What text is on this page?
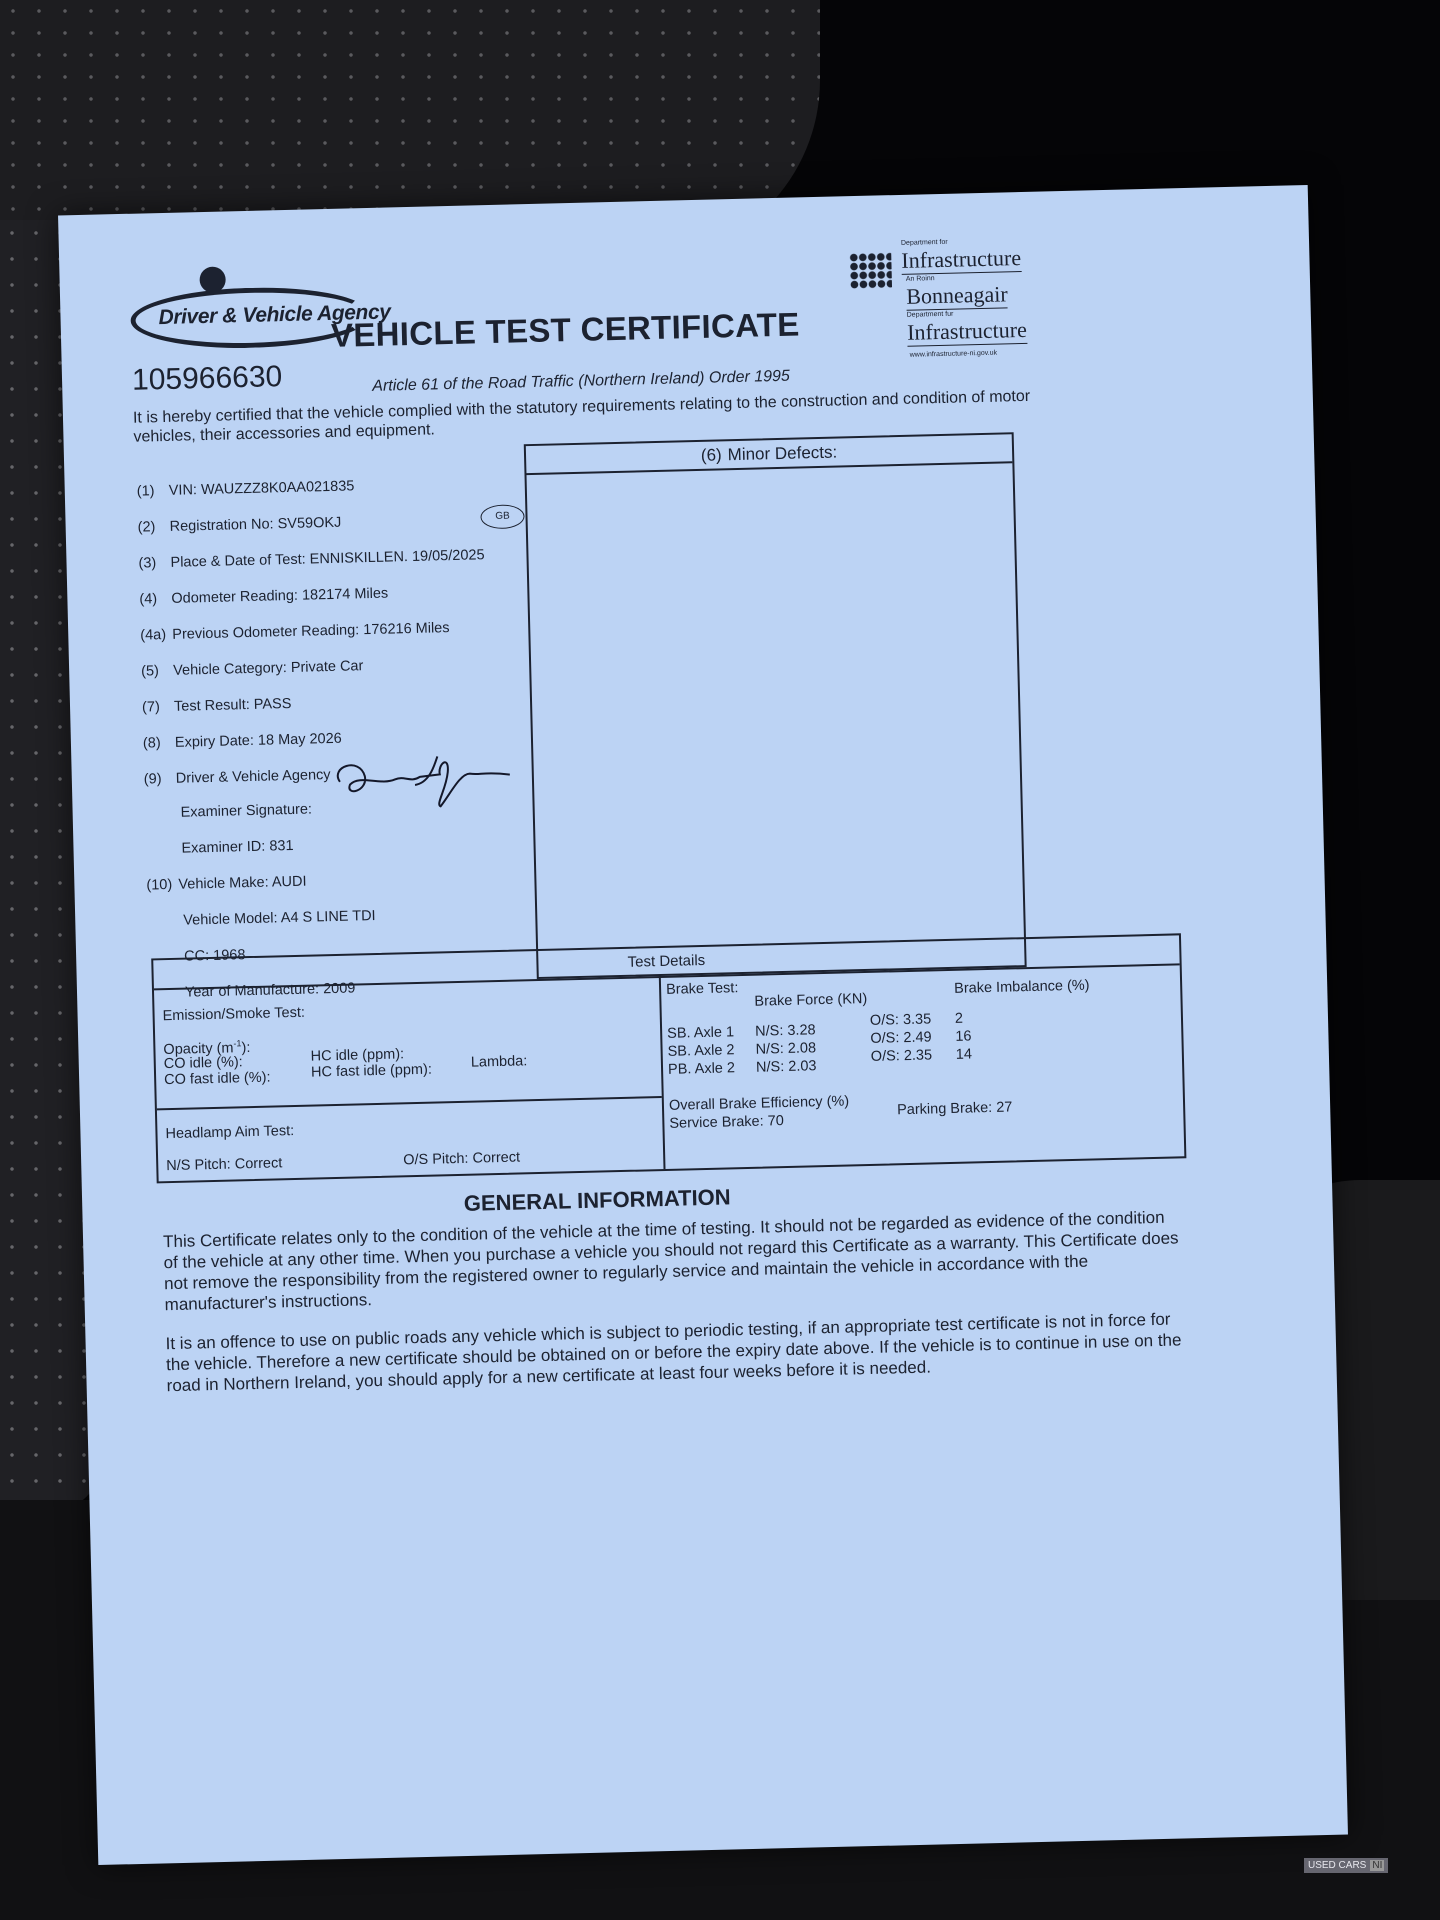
Driver & Vehicle Agency
105966630
VEHICLE TEST CERTIFICATE
Department for
Infrastructure
An Roinn
Bonneagair
Department fur
Infrastructure
www.infrastructure-ni.gov.uk
Article 61 of the Road Traffic (Northern Ireland) Order 1995
It is hereby certified that the vehicle complied with the statutory requirements relating to the construction and condition of motor vehicles, their accessories and equipment.
(1) VIN: WAUZZZ8K0AA021835
(2) Registration No: SV59OKJ
(3) Place & Date of Test: ENNISKILLEN. 19/05/2025
(4) Odometer Reading: 182174 Miles
(4a) Previous Odometer Reading: 176216 Miles
(5) Vehicle Category: Private Car
(7) Test Result: PASS
(8) Expiry Date: 18 May 2026
(9) Driver & Vehicle Agency
Examiner Signature:
Examiner ID: 831
(10) Vehicle Make: AUDI
Vehicle Model: A4 S LINE TDI
CC: 1968
Year of Manufacture: 2009
GB
(6) Minor Defects:
Test Details
Emission/Smoke Test:
Opacity $(m^{-1})$:
CO idle (%):
CO fast idle (%):
HC idle (ppm):
HC fast idle (ppm):	Lambda:
Headlamp Aim Test:
N/S Pitch: Correct	O/S Pitch: Correct
Brake Test:
Brake Force (KN)
Brake Imbalance (%)
SB. Axle 1 N/S: 3.28
O/S: 3.35 2
SB. Axle 2 N/S: 2.08
O/S: 2.49 16
PB. Axle 2 N/S: 2.03
O/S: 2.35 14
Overall Brake Efficiency (%)
Service Brake: 70
Parking Brake: 27
GENERAL INFORMATION
This Certificate relates only to the condition of the vehicle at the time of testing. It should not be regarded as evidence of the condition of the vehicle at any other time. When you purchase a vehicle you should not regard this Certificate as a warranty. This Certificate does not remove the responsibility from the registered owner to regularly service and maintain the vehicle in accordance with the manufacturer's instructions.
It is an offence to use on public roads any vehicle which is subject to periodic testing, if an appropriate test certificate is not in force for the vehicle. Therefore a new certificate should be obtained on or before the expiry date above. If the vehicle is to continue in use on the road in Northern Ireland, you should apply for a new certificate at least four weeks before it is needed.
USED CARS NI
